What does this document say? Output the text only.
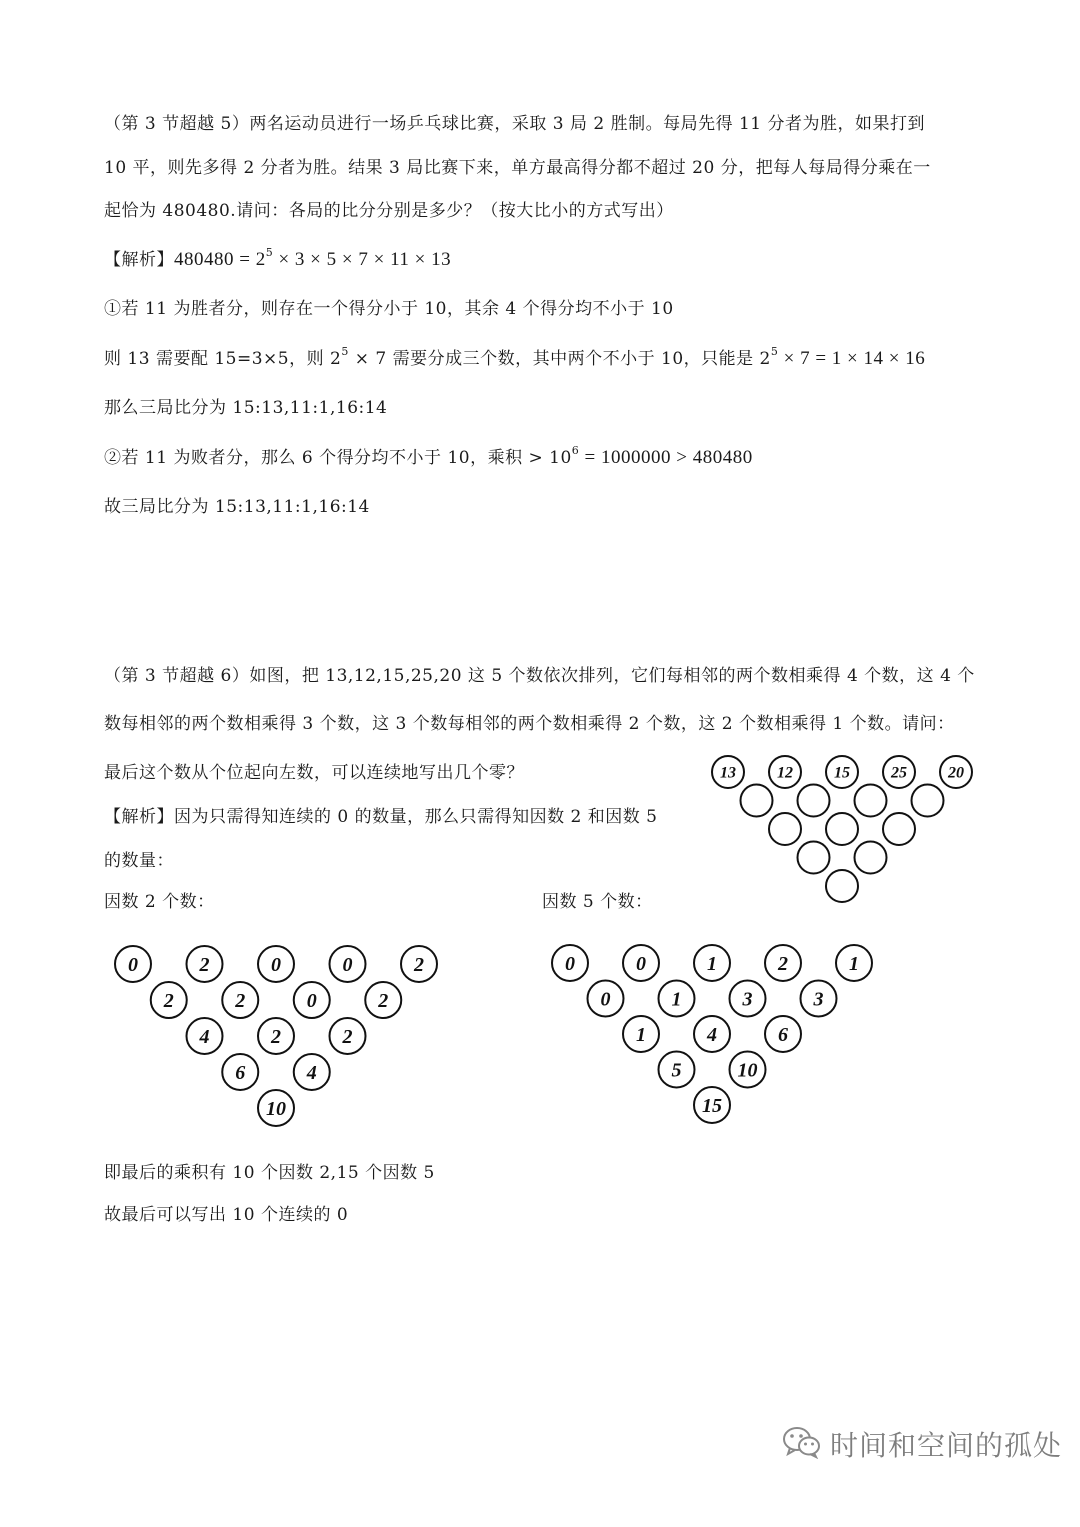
（第 3 节超越 5）两名运动员进行一场乒乓球比赛，采取 3 局 2 胜制。每局先得 11 分者为胜，如果打到
10 平，则先多得 2 分者为胜。结果 3 局比赛下来，单方最高得分都不超过 20 分，把每人每局得分乘在一
起恰为 480480.请问：各局的比分分别是多少？（按大比小的方式写出）
【解析】$480480 = 2^5 \times 3 \times 5 \times 7 \times 11 \times 13$
①若 11 为胜者分，则存在一个得分小于 10，其余 4 个得分均不小于 10
则 13 需要配 15=3×5，则 $2^5 \times 7$ 需要分成三个数，其中两个不小于 10，只能是 $2^5 \times 7 = 1 \times 14 \times 16$
那么三局比分为 15:13,11:1,16:14
②若 11 为败者分，那么 6 个得分均不小于 10，乘积 > $10^6 = 1000000 > 480480$
故三局比分为 15:13,11:1,16:14
（第 3 节超越 6）如图，把 13,12,15,25,20 这 5 个数依次排列，它们每相邻的两个数相乘得 4 个数，这 4 个
数每相邻的两个数相乘得 3 个数，这 3 个数每相邻的两个数相乘得 2 个数，这 2 个数相乘得 1 个数。请问：
最后这个数从个位起向左数，可以连续地写出几个零？
【解析】因为只需得知连续的 0 的数量，那么只需得知因数 2 和因数 5
的数量：
因数 2 个数：	因数 5 个数：
13	12	15	25	20
0	2	0	0	2
2	2	0	2
4	2	2
6	4
10
0	0	1	2	1
0	1	3	3
1	4	6
5	10
15
即最后的乘积有 10 个因数 2,15 个因数 5
故最后可以写出 10 个连续的 0
时间和空间的孤处
